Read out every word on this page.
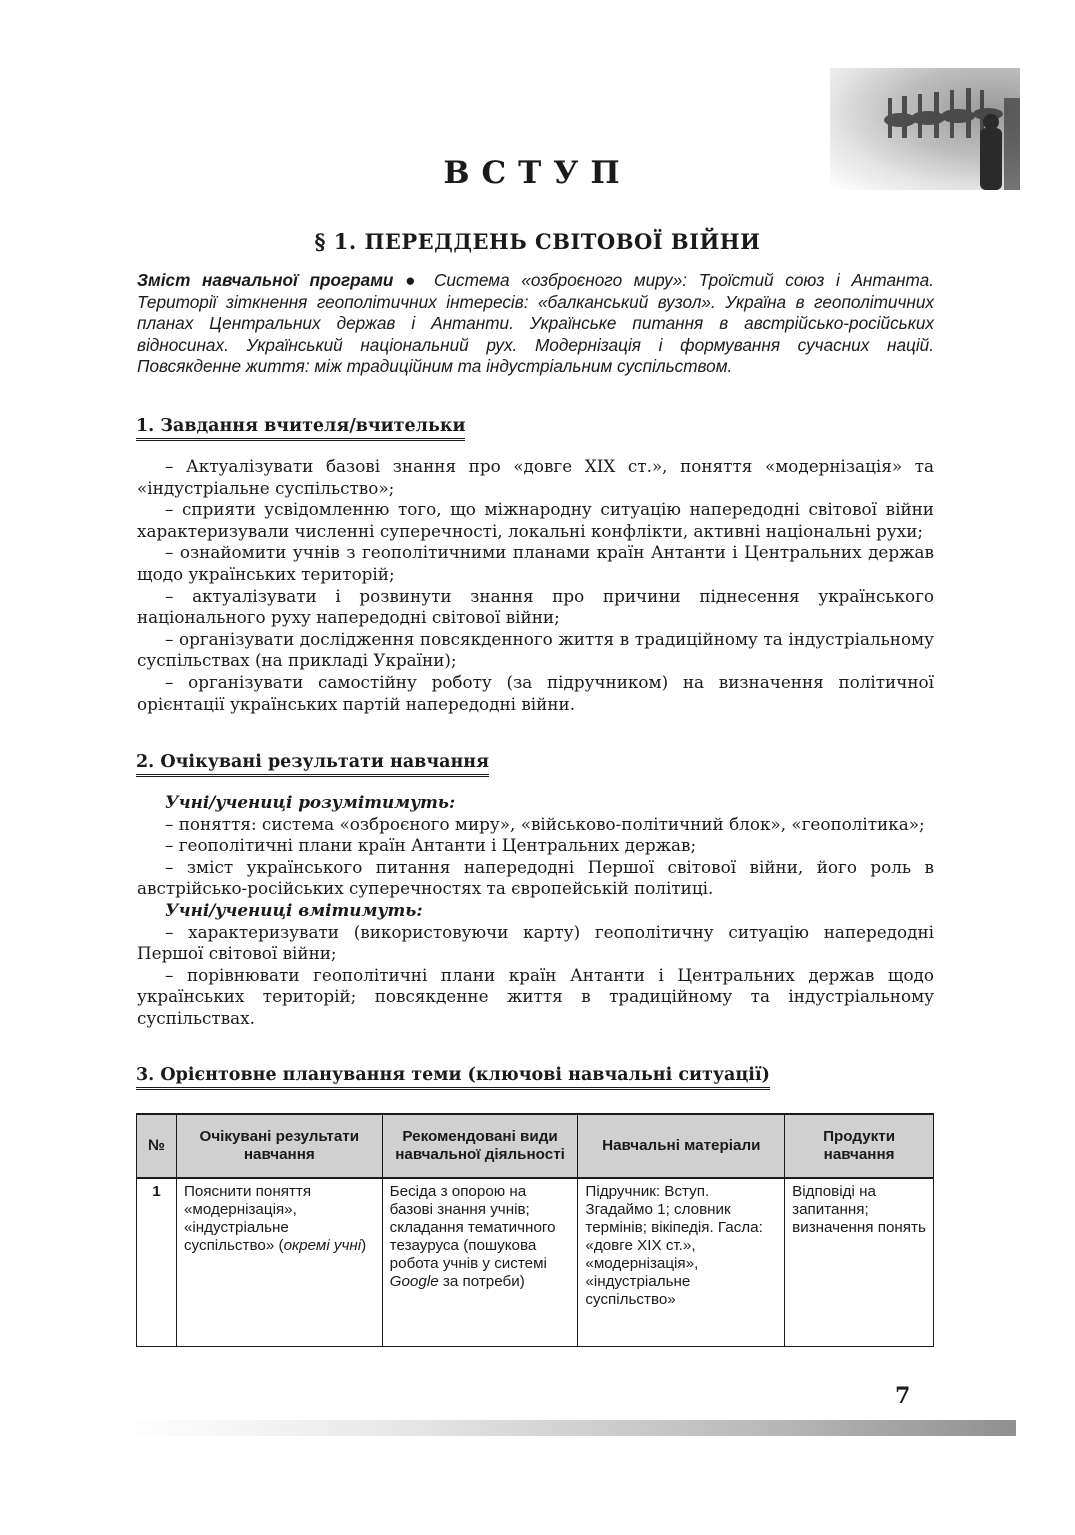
ВСТУП
§ 1. ПЕРЕДДЕНЬ СВІТОВОЇ ВІЙНИ

Зміст навчальної програми ● Система «озброєного миру»: Троїстий союз і Антанта. Території зіткнення геополітичних інтересів: «балканський вузол». Україна в геополітичних планах Центральних держав і Антанти. Українське питання в австрійсько-російських відносинах. Український національний рух. Модернізація і формування сучасних націй. Повсякденне життя: між традиційним та індустріальним суспільством.

1. Завдання вчителя/вчительки

– Актуалізувати базові знання про «довге XIX ст.», поняття «модернізація» та «індустріальне суспільство»;

– сприяти усвідомленню того, що міжнародну ситуацію напередодні світової війни характеризували численні суперечності, локальні конфлікти, активні національні рухи;

– ознайомити учнів з геополітичними планами країн Антанти і Центральних держав щодо українських територій;

– актуалізувати і розвинути знання про причини піднесення українського національного руху напередодні світової війни;

– організувати дослідження повсякденного життя в традиційному та індустріальному суспільствах (на прикладі України);

– організувати самостійну роботу (за підручником) на визначення політичної орієнтації українських партій напередодні війни.

2. Очікувані результати навчання

Учні/учениці розумітимуть:

– поняття: система «озброєного миру», «військово-політичний блок», «геополітика»;

– геополітичні плани країн Антанти і Центральних держав;

– зміст українського питання напередодні Першої світової війни, його роль в австрійсько-російських суперечностях та європейській політиці.

Учні/учениці вмітимуть:

– характеризувати (використовуючи карту) геополітичну ситуацію напередодні Першої світової війни;

– порівнювати геополітичні плани країн Антанти і Центральних держав щодо українських територій; повсякденне життя в традиційному та індустріальному суспільствах.

3. Орієнтовне планування теми (ключові навчальні ситуації)
№	Очікувані результати навчання	Рекомендовані види навчальної діяльності	Навчальні матеріали	Продукти навчання
1	Пояснити поняття «модернізація», «індустріальне суспільство» (окремі учні)	Бесіда з опорою на базові знання учнів; складання тематичного тезауруса (пошукова робота учнів у системі Google за потреби)	Підручник: Вступ. Згадаймо 1; словник термінів; вікіпедія. Гасла: «довге XIX ст.», «модернізація», «індустріальне суспільство»	Відповіді на запитання; визначення понять

7
